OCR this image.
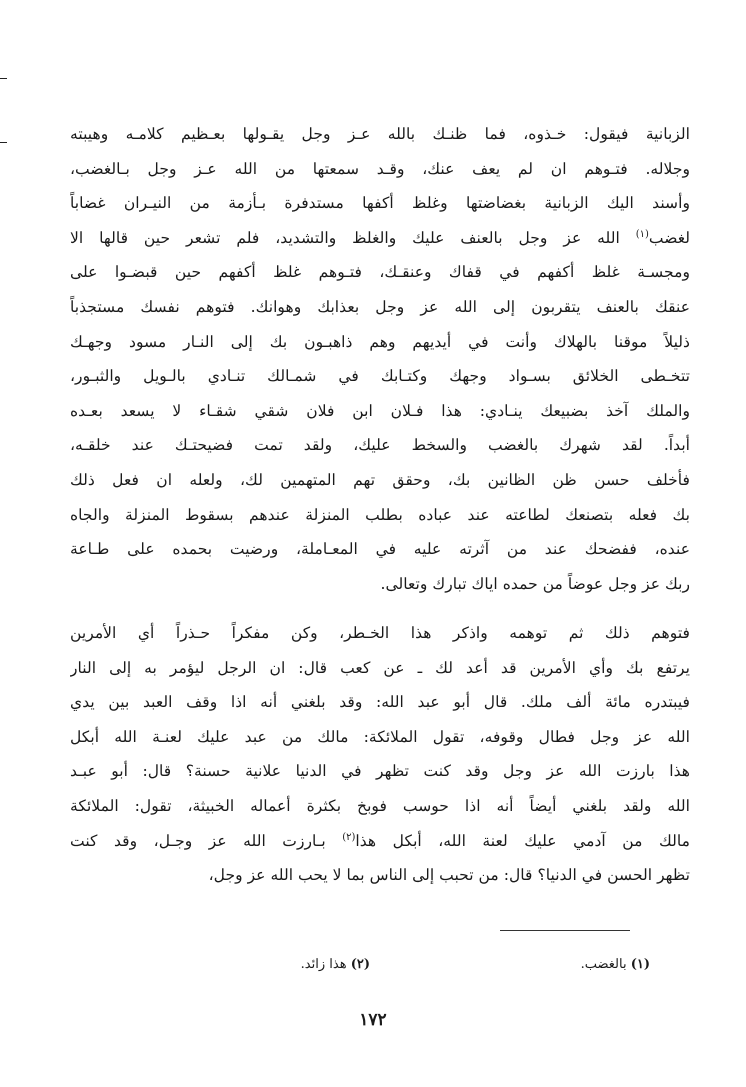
الزبانية فيقول: خـذوه، فما ظنـك بالله عـز وجل يقـولها بعـظيم كلامـه وهيبته
وجلاله. فتـوهم ان لم يعف عنك، وقـد سمعتها من الله عـز وجل بـالغضب،
وأسند اليك الزبانية بغضاضتها وغلظ أكفها مستدفرة بـأزمة من النيـران غضاباً
لغضب$^{(١)}$ الله عز وجل بالعنف عليك والغلظ والتشديد، فلم تشعر حين قالها الا
ومجسـة غلظ أكفهم في قفاك وعنقـك، فتـوهم غلظ أكفهم حين قبضـوا على
عنقك بالعنف يتقربون إلى الله عز وجل بعذابك وهوانك. فتوهم نفسك مستجذباً
ذليلاً موقنا بالهلاك وأنت في أيديهم وهم ذاهبـون بك إلى النـار مسود وجهـك
تتخـطى الخلائق بسـواد وجهك وكتـابك في شمـالك تنـادي بالـويل والثبـور،
والملك آخذ بضبيعك ينـادي: هذا فـلان ابن فلان شقي شقـاء لا يسعد بعـده
أبداً. لقد شهرك بالغضب والسخط عليك، ولقد تمت فضيحتـك عند خلقـه،
فأخلف حسن ظن الظانين بك، وحقق تهم المتهمين لك، ولعله ان فعل ذلك
بك فعله بتصنعك لطاعته عند عباده بطلب المنزلة عندهم بسقوط المنزلة والجاه
عنده، ففضحك عند من آثرته عليه في المعـاملة، ورضيت بحمده على طـاعة
ربك عز وجل عوضاً من حمده اياك تبارك وتعالى.
فتوهم ذلك ثم توهمه واذكر هذا الخـطر، وكن مفكراً حـذراً أي الأمرين
يرتفع بك وأي الأمرين قد أعد لك ـ عن كعب قال: ان الرجل ليؤمر به إلى النار
فيبتدره مائة ألف ملك. قال أبو عبد الله: وقد بلغني أنه اذا وقف العبد بين يدي
الله عز وجل فطال وقوفه، تقول الملائكة: مالك من عبد عليك لعنـة الله أبكل
هذا بارزت الله عز وجل وقد كنت تظهر في الدنيا علانية حسنة؟ قال: أبو عبـد
الله ولقد بلغني أيضاً أنه اذا حوسب فوبخ بكثرة أعماله الخبيثة، تقول: الملائكة
مالك من آدمي عليك لعنة الله، أبكل هذا$^{(٢)}$ بـارزت الله عز وجـل، وقد كنت
تظهر الحسن في الدنيا؟ قال: من تحبب إلى الناس بما لا يحب الله عز وجل،
(١) بالغضب.
(٢) هذا زائد.
١٧٢
